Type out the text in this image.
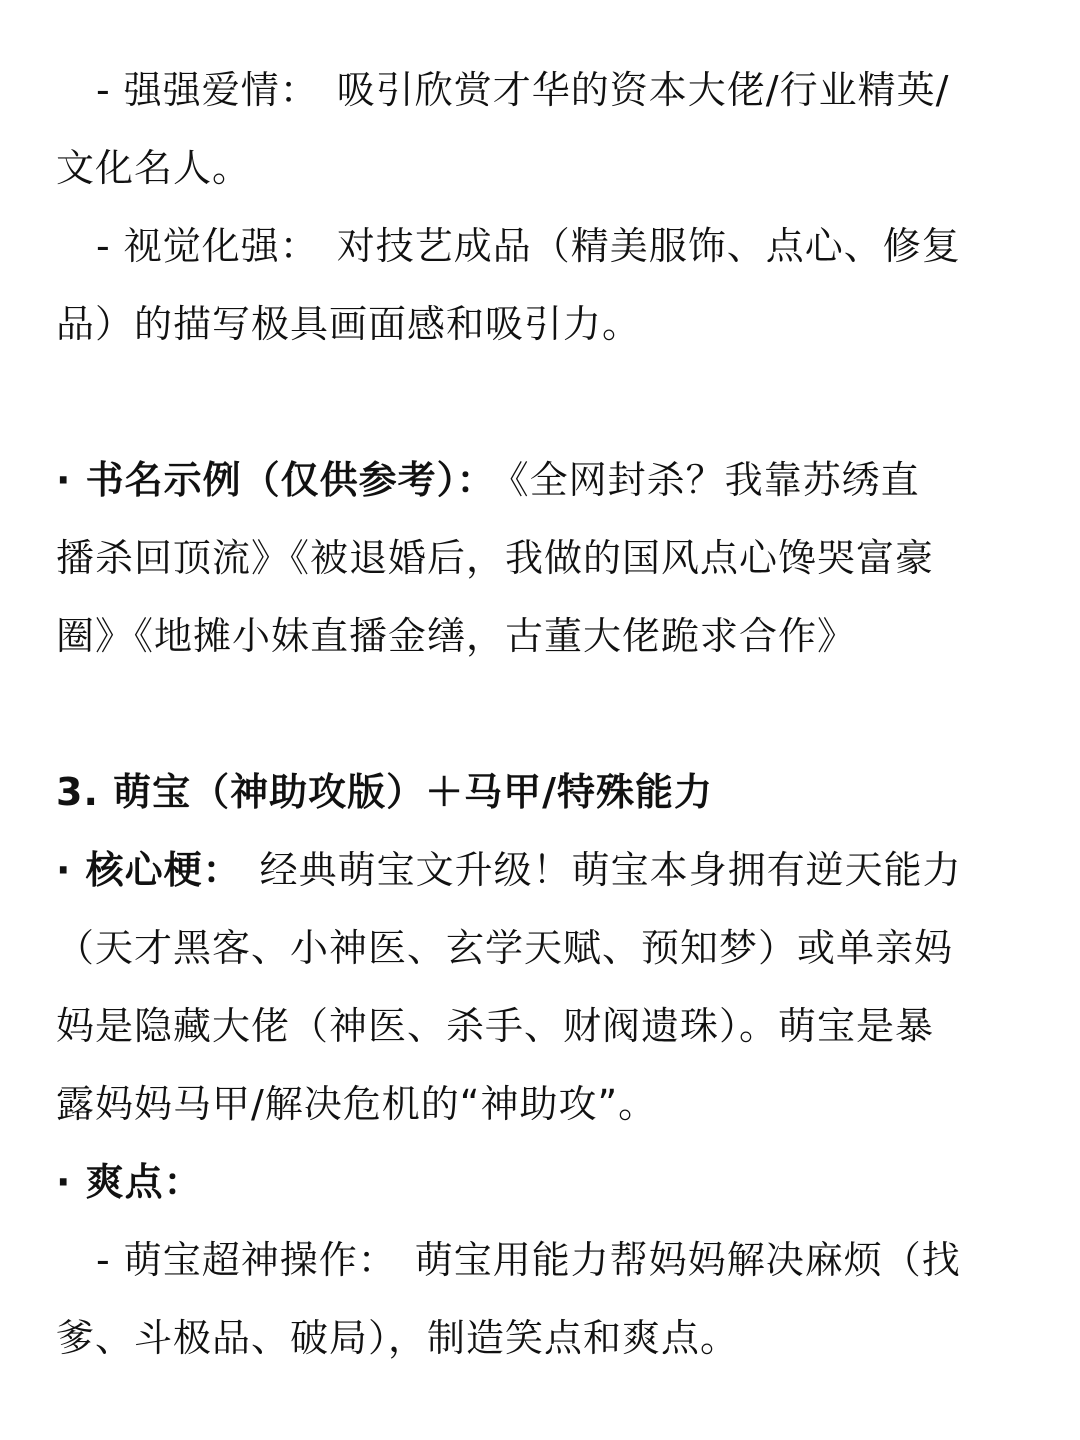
- 强强爱情： 吸引欣赏才华的资本大佬/行业精英/
文化名人。
- 视觉化强： 对技艺成品（精美服饰、点心、修复
品）的描写极具画面感和吸引力。
· 书名示例（仅供参考）： 《全网封杀？我靠苏绣直
播杀回顶流》《被退婚后，我做的国风点心馋哭富豪
圈》《地摊小妹直播金缮，古董大佬跪求合作》
3. 萌宝（神助攻版）＋马甲/特殊能力
· 核心梗： 经典萌宝文升级！萌宝本身拥有逆天能力
（天才黑客、小神医、玄学天赋、预知梦）或单亲妈
妈是隐藏大佬（神医、杀手、财阀遗珠）。萌宝是暴
露妈妈马甲/解决危机的“神助攻”。
· 爽点：
- 萌宝超神操作： 萌宝用能力帮妈妈解决麻烦（找
爹、斗极品、破局），制造笑点和爽点。
